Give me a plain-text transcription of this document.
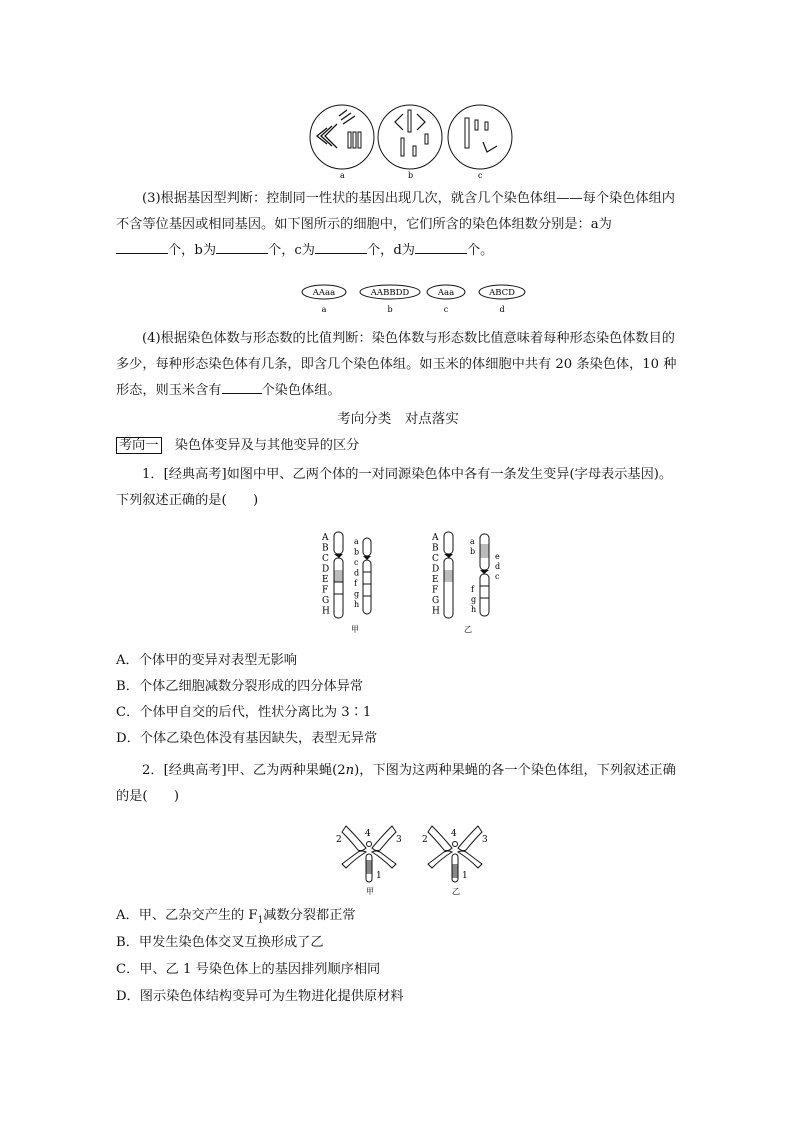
a	b	c
(3)根据基因型判断：控制同一性状的基因出现几次，就含几个染色体组——每个染色体组内不含等位基因或相同基因。如下图所示的细胞中，它们所含的染色体组数分别是：a为
个，b为	个，c为	个，d为	个。
AAaa
a
AABBDD
b
Aaa
c
ABCD
d
(4)根据染色体数与形态数的比值判断：染色体数与形态数比值意味着每种形态染色体数目的多少，每种形态染色体有几条，即含几个染色体组。如玉米的体细胞中共有 20 条染色体，10 种形态，则玉米含有	个染色体组。
考向分类　对点落实
考向一　 染色体变异及与其他变异的区分
1．[经典高考]如图中甲、乙两个体的一对同源染色体中各有一条发生变异(字母表示基因)。下列叙述正确的是(　　)
A
B
C
D
E
F
G
H
a
b
c
d
f
g
h
A
B
C
D
E
F
G
H
a
b
e
d
c
f
g
h
甲	乙
A．个体甲的变异对表型无影响
B．个体乙细胞减数分裂形成的四分体异常
C．个体甲自交的后代，性状分离比为 3∶1
D．个体乙染色体没有基因缺失，表型无异常
2．[经典高考]甲、乙为两种果蝇(2n)，下图为这两种果蝇的各一个染色体组，下列叙述正确的是(　　)
2
4
3
1
甲
2
4
3
1
乙
A．甲、乙杂交产生的 $F_1$减数分裂都正常
B．甲发生染色体交叉互换形成了乙
C．甲、乙 1 号染色体上的基因排列顺序相同
D．图示染色体结构变异可为生物进化提供原材料
